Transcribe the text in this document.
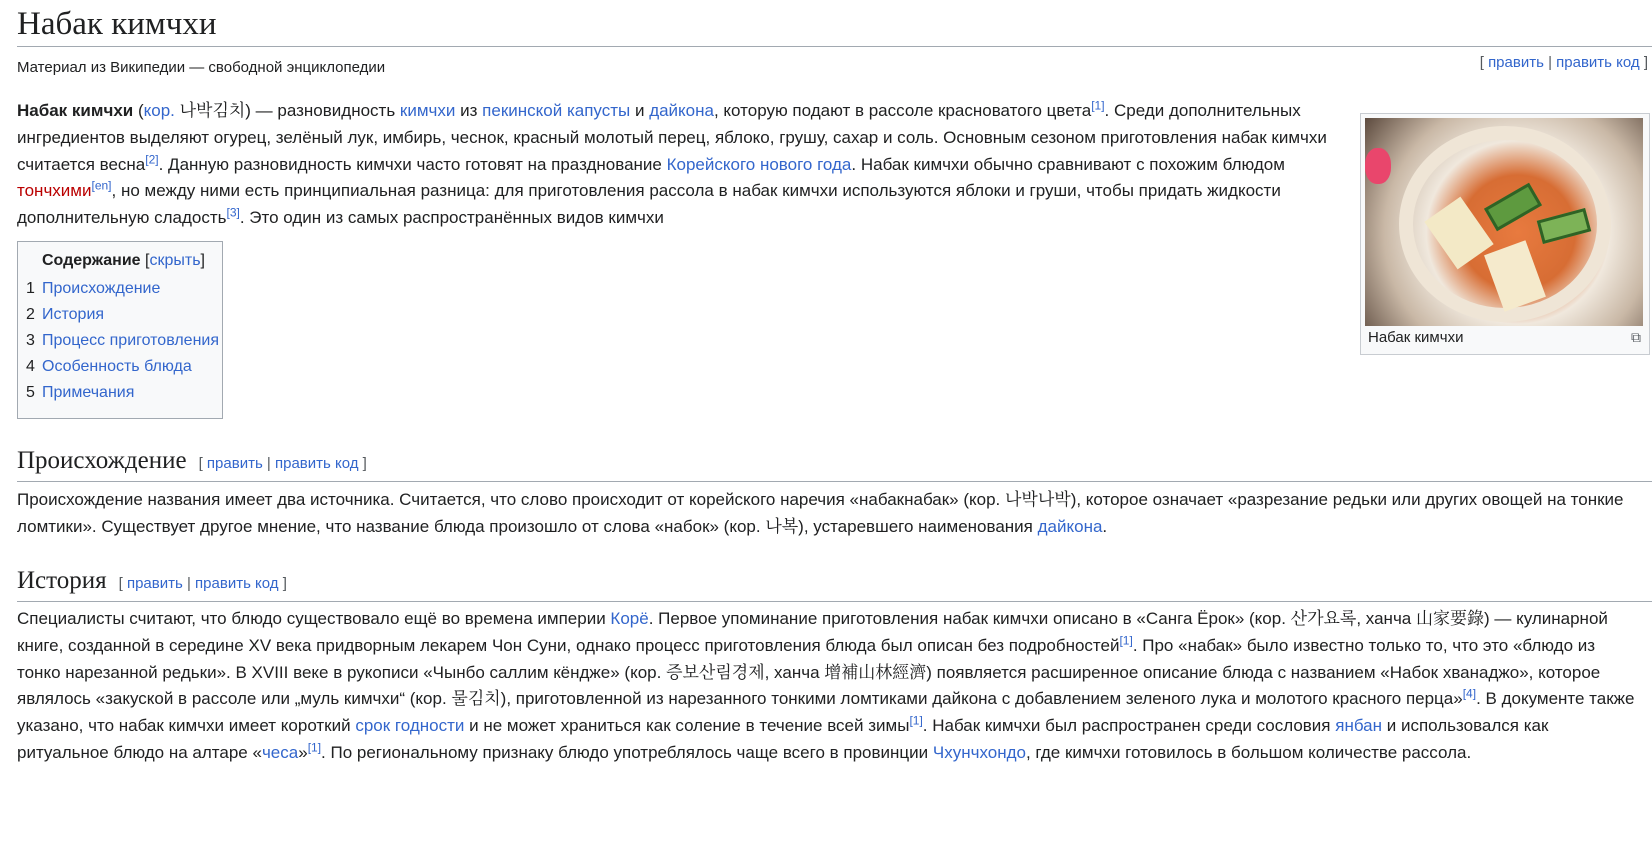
Набак кимчхи
Материал из Википедии — свободной энциклопедии	[ править | править код ]
Набак кимчхи (кор. 나박김치) — разновидность кимчхи из пекинской капусты и дайкона, которую подают в рассоле красноватого цвета[1]. Среди дополнительных ингредиентов выделяют огурец, зелёный лук, имбирь, чеснок, красный молотый перец, яблоко, грушу, сахар и соль. Основным сезоном приготовления набак кимчхи считается весна[2]. Данную разновидность кимчхи часто готовят на празднование Корейского нового года. Набак кимчхи обычно сравнивают с похожим блюдом тончхими[en], но между ними есть принципиальная разница: для приготовления рассола в набак кимчхи используются яблоки и груши, чтобы придать жидкости дополнительную сладость[3]. Это один из самых распространённых видов кимчхи
Набак кимчхи	⧉
Содержание [скрыть]
1 Происхождение
2 История
3 Процесс приготовления
4 Особенность блюда
5 Примечания
Происхождение [ править | править код ]

Происхождение названия имеет два источника. Считается, что слово происходит от корейского наречия «набакнабак» (кор. 나박나박), которое означает «разрезание редьки или других овощей на тонкие ломтики». Существует другое мнение, что название блюда произошло от слова «набок» (кор. 나복), устаревшего наименования дайкона.

История [ править | править код ]

Специалисты считают, что блюдо существовало ещё во времена империи Корё. Первое упоминание приготовления набак кимчхи описано в «Санга Ёрок» (кор. 산가요록, ханча 山家要錄) — кулинарной книге, созданной в середине XV века придворным лекарем Чон Суни, однако процесс приготовления блюда был описан без подробностей[1]. Про «набак» было известно только то, что это «блюдо из тонко нарезанной редьки». В XVIII веке в рукописи «Чынбо саллим кёндже» (кор. 증보산림경제, ханча 增補山林經濟) появляется расширенное описание блюда с названием «Набок хванаджо», которое являлось «закуской в рассоле или „муль кимчхи“ (кор. 물김치), приготовленной из нарезанного тонкими ломтиками дайкона с добавлением зеленого лука и молотого красного перца»[4]. В документе также указано, что набак кимчхи имеет короткий срок годности и не может храниться как соление в течение всей зимы[1]. Набак кимчхи был распространен среди сословия янбан и использовался как ритуальное блюдо на алтаре «чеса»[1]. По региональному признаку блюдо употреблялось чаще всего в провинции Чхунчхондо, где кимчхи готовилось в большом количестве рассола.
